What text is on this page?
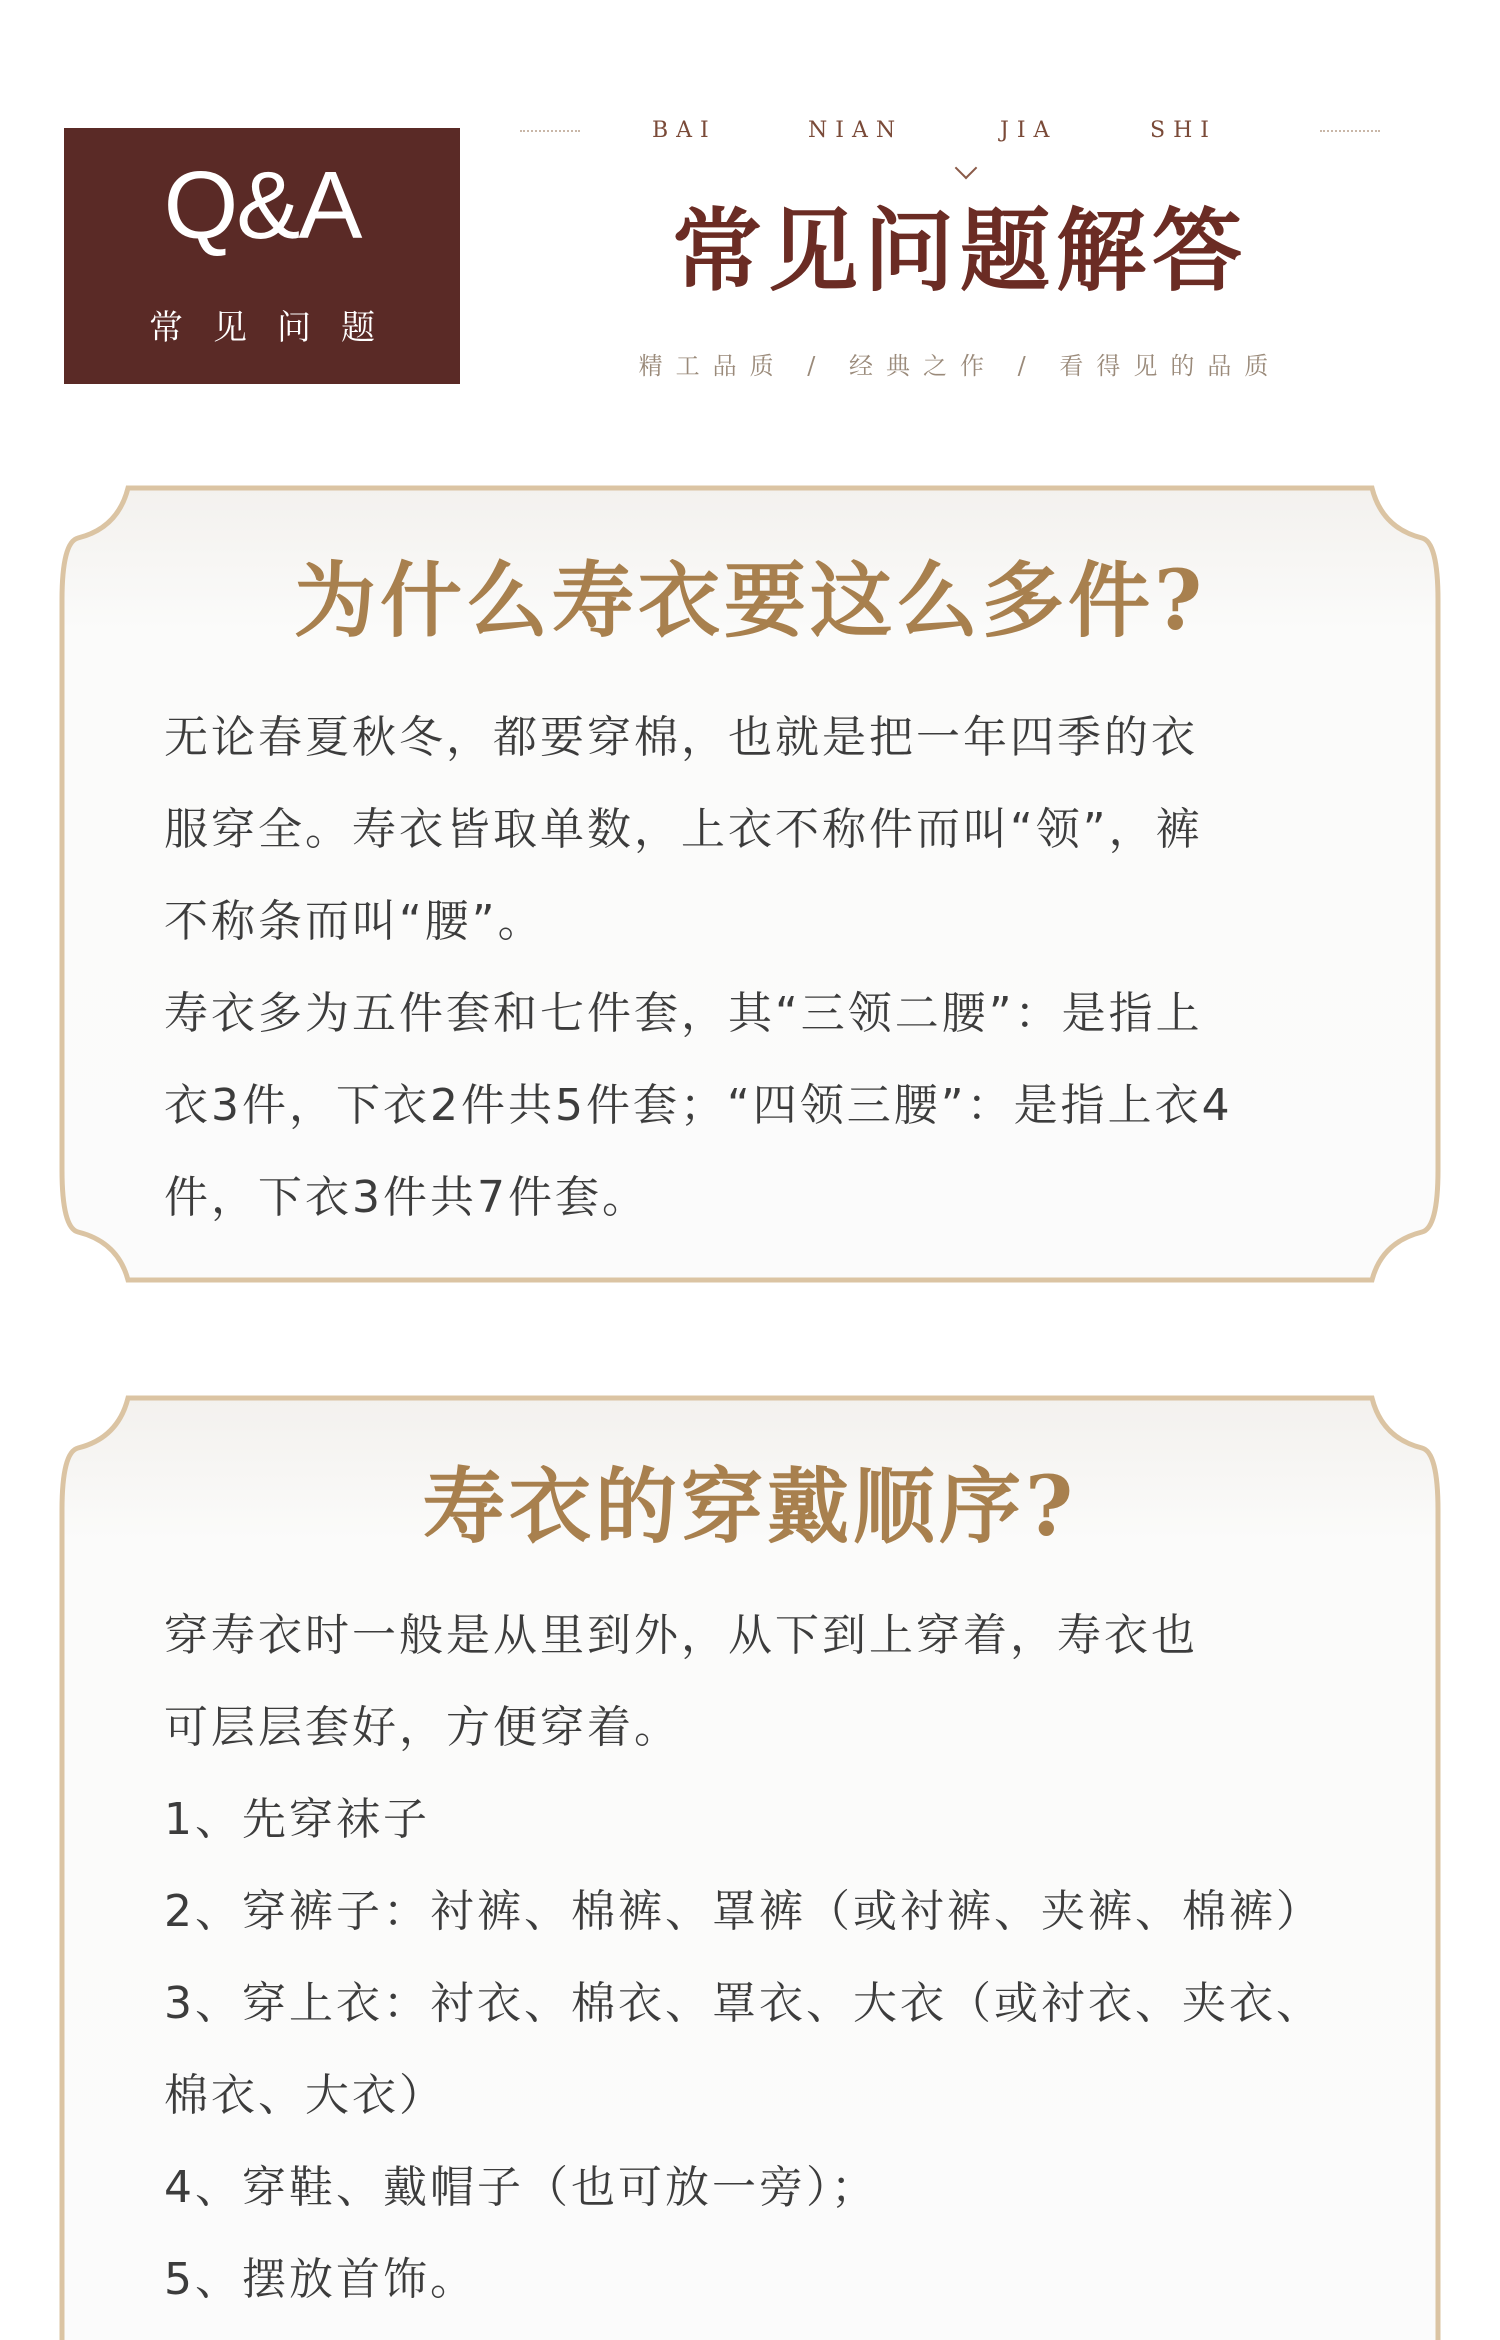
Q&A
常见问题
BAI	NIAN	JIA	SHI
常见问题解答
精工品质 / 经典之作 / 看得见的品质
为什么寿衣要这么多件?

无论春夏秋冬，都要穿棉，也就是把一年四季的衣

服穿全。寿衣皆取单数，上衣不称件而叫“领”，裤

不称条而叫“腰”。

寿衣多为五件套和七件套，其“三领二腰”：是指上

衣3件，下衣2件共5件套；“四领三腰”：是指上衣4

件，下衣3件共7件套。

寿衣的穿戴顺序?

穿寿衣时一般是从里到外，从下到上穿着，寿衣也

可层层套好，方便穿着。

1、先穿袜子

2、穿裤子：衬裤、棉裤、罩裤（或衬裤、夹裤、棉裤）

3、穿上衣：衬衣、棉衣、罩衣、大衣（或衬衣、夹衣、

棉衣、大衣）

4、穿鞋、戴帽子（也可放一旁）；

5、摆放首饰。
